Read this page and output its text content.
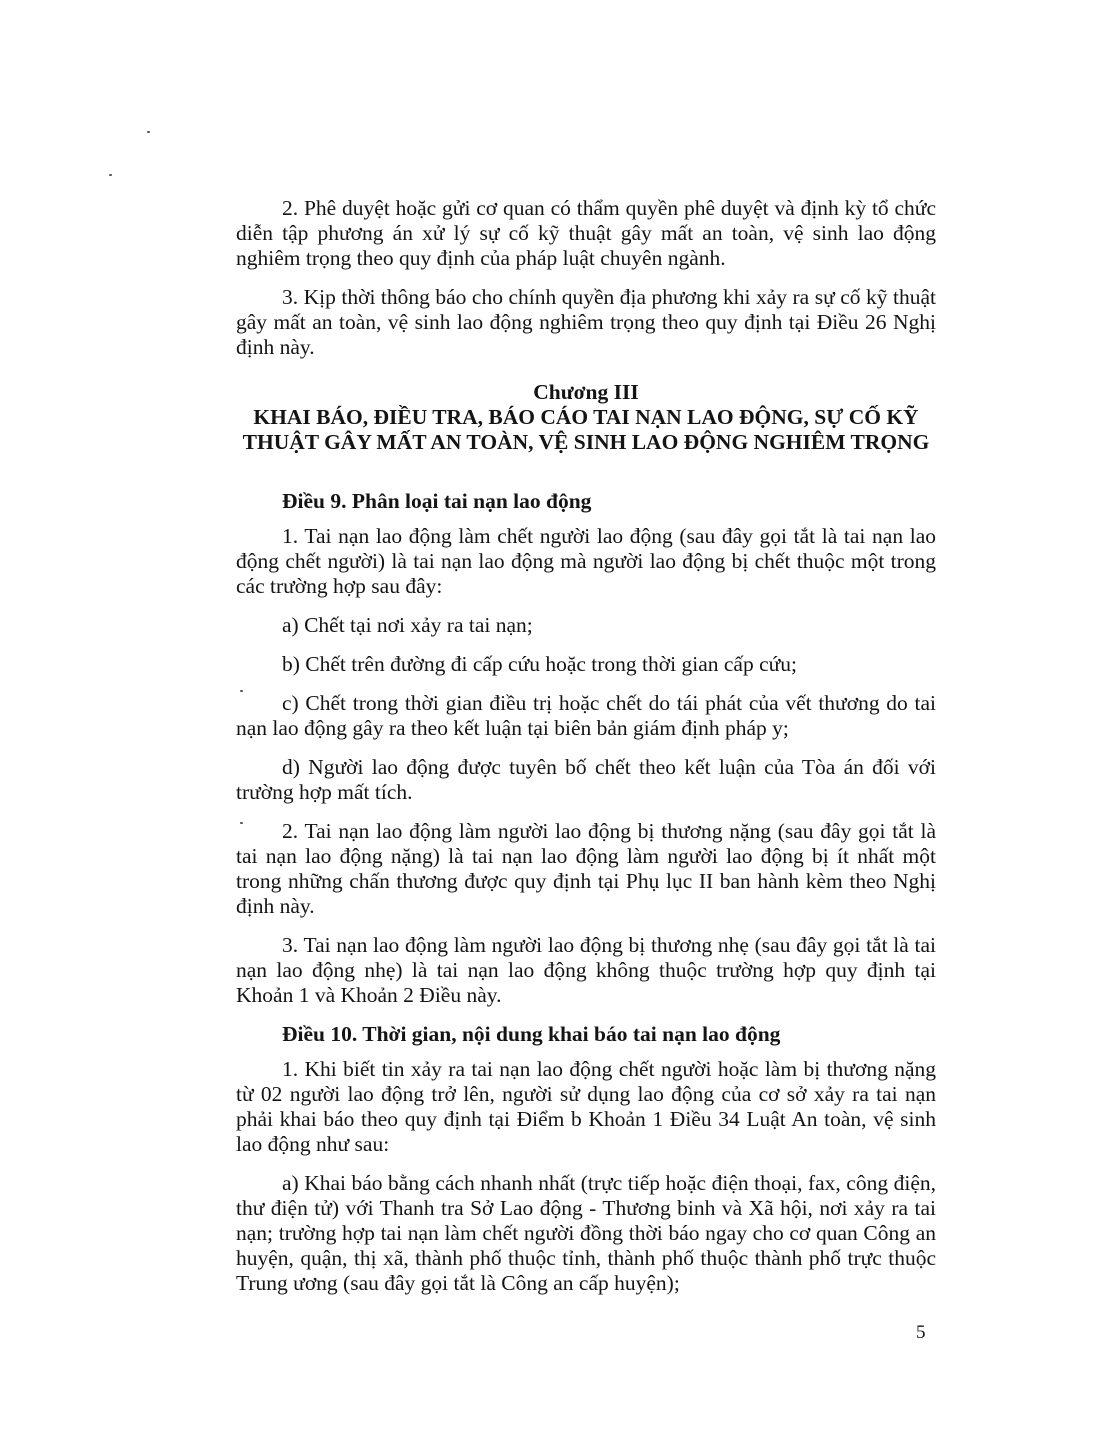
2. Phê duyệt hoặc gửi cơ quan có thẩm quyền phê duyệt và định kỳ tổ chức diễn tập phương án xử lý sự cố kỹ thuật gây mất an toàn, vệ sinh lao động nghiêm trọng theo quy định của pháp luật chuyên ngành.

3. Kịp thời thông báo cho chính quyền địa phương khi xảy ra sự cố kỹ thuật gây mất an toàn, vệ sinh lao động nghiêm trọng theo quy định tại Điều 26 Nghị định này.

Chương III
KHAI BÁO, ĐIỀU TRA, BÁO CÁO TAI NẠN LAO ĐỘNG, SỰ CỐ KỸ
THUẬT GÂY MẤT AN TOÀN, VỆ SINH LAO ĐỘNG NGHIÊM TRỌNG
Điều 9. Phân loại tai nạn lao động

1. Tai nạn lao động làm chết người lao động (sau đây gọi tắt là tai nạn lao động chết người) là tai nạn lao động mà người lao động bị chết thuộc một trong các trường hợp sau đây:

a) Chết tại nơi xảy ra tai nạn;

b) Chết trên đường đi cấp cứu hoặc trong thời gian cấp cứu;

c) Chết trong thời gian điều trị hoặc chết do tái phát của vết thương do tai nạn lao động gây ra theo kết luận tại biên bản giám định pháp y;

d) Người lao động được tuyên bố chết theo kết luận của Tòa án đối với trường hợp mất tích.

2. Tai nạn lao động làm người lao động bị thương nặng (sau đây gọi tắt là tai nạn lao động nặng) là tai nạn lao động làm người lao động bị ít nhất một trong những chấn thương được quy định tại Phụ lục II ban hành kèm theo Nghị định này.

3. Tai nạn lao động làm người lao động bị thương nhẹ (sau đây gọi tắt là tai nạn lao động nhẹ) là tai nạn lao động không thuộc trường hợp quy định tại Khoản 1 và Khoản 2 Điều này.

Điều 10. Thời gian, nội dung khai báo tai nạn lao động

1. Khi biết tin xảy ra tai nạn lao động chết người hoặc làm bị thương nặng từ 02 người lao động trở lên, người sử dụng lao động của cơ sở xảy ra tai nạn phải khai báo theo quy định tại Điểm b Khoản 1 Điều 34 Luật An toàn, vệ sinh lao động như sau:

a) Khai báo bằng cách nhanh nhất (trực tiếp hoặc điện thoại, fax, công điện, thư điện tử) với Thanh tra Sở Lao động - Thương binh và Xã hội, nơi xảy ra tai nạn; trường hợp tai nạn làm chết người đồng thời báo ngay cho cơ quan Công an huyện, quận, thị xã, thành phố thuộc tỉnh, thành phố thuộc thành phố trực thuộc Trung ương (sau đây gọi tắt là Công an cấp huyện);

5
